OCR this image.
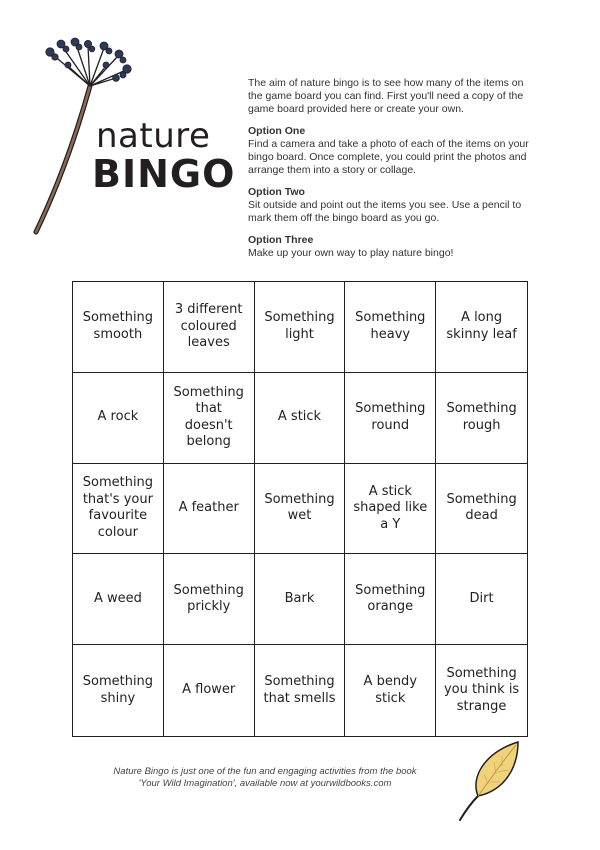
nature
BINGO

The aim of nature bingo is to see how many of the items on the game board you can find. First you'll need a copy of the game board provided here or create your own.

Option One
Find a camera and take a photo of each of the items on your bingo board. Once complete, you could print the photos and arrange them into a story or collage.
Option Two
Sit outside and point out the items you see. Use a pencil to mark them off the bingo board as you go.
Option Three
Make up your own way to play nature bingo!
Something smooth
3 different coloured leaves
Something light
Something heavy
A long skinny leaf
A rock
Something that doesn't belong
A stick
Something round
Something rough
Something that's your favourite colour
A feather
Something wet
A stick shaped like a Y
Something dead
A weed
Something prickly
Bark
Something orange
Dirt
Something shiny
A flower
Something that smells
A bendy stick
Something you think is strange
Nature Bingo is just one of the fun and engaging activities from the book
'Your Wild Imagination', available now at yourwildbooks.com
